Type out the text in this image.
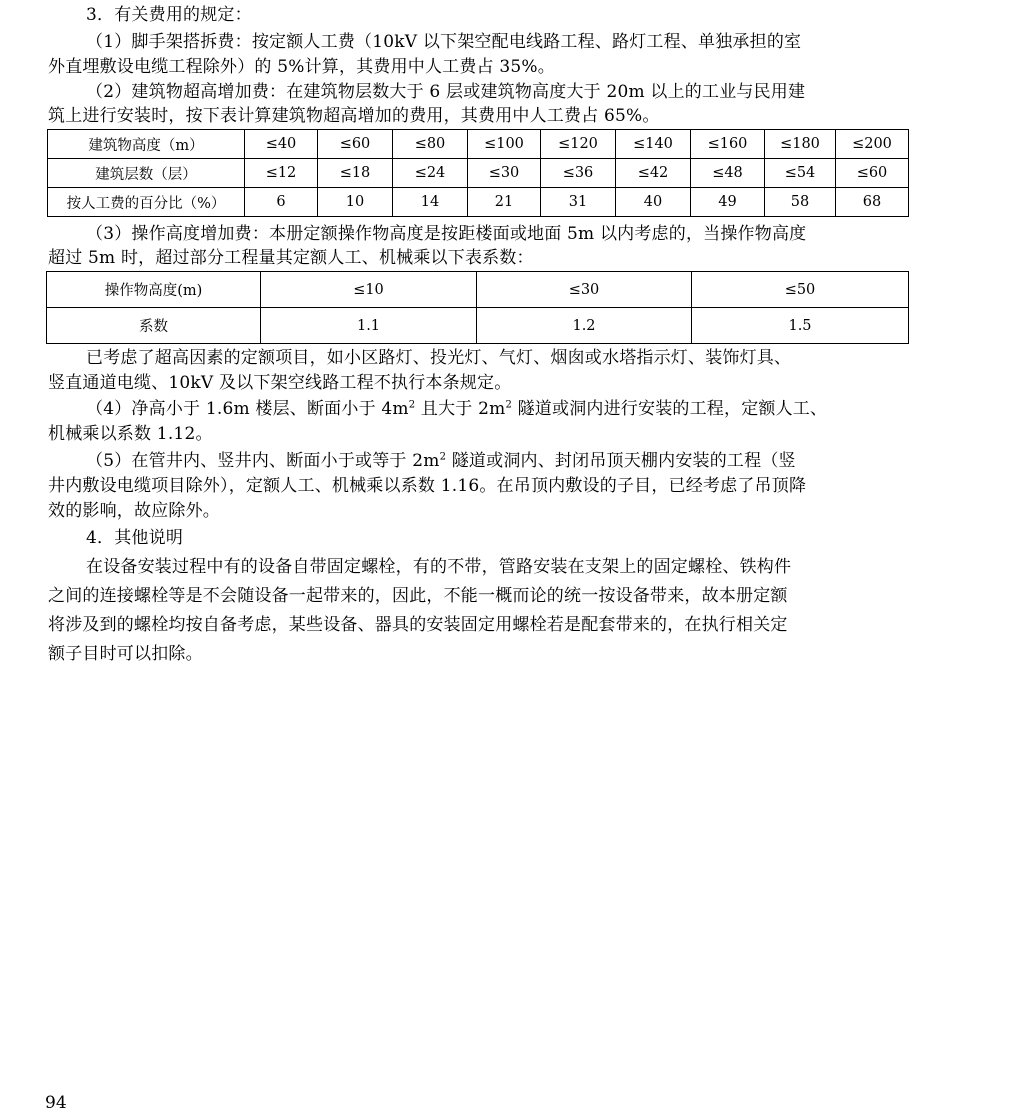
3．有关费用的规定：
（1）脚手架搭拆费：按定额人工费（10kV 以下架空配电线路工程、路灯工程、单独承担的室
外直埋敷设电缆工程除外）的 5%计算，其费用中人工费占 35%。
（2）建筑物超高增加费：在建筑物层数大于 6 层或建筑物高度大于 20m 以上的工业与民用建
筑上进行安装时，按下表计算建筑物超高增加的费用，其费用中人工费占 65%。
建筑物高度（m）	≤40	≤60	≤80	≤100	≤120	≤140	≤160	≤180	≤200
建筑层数（层）	≤12	≤18	≤24	≤30	≤36	≤42	≤48	≤54	≤60
按人工费的百分比（%）	6	10	14	21	31	40	49	58	68
（3）操作高度增加费：本册定额操作物高度是按距楼面或地面 5m 以内考虑的，当操作物高度
超过 5m 时，超过部分工程量其定额人工、机械乘以下表系数：
操作物高度(m)	≤10	≤30	≤50
系数	1.1	1.2	1.5
已考虑了超高因素的定额项目，如小区路灯、投光灯、气灯、烟囱或水塔指示灯、装饰灯具、
竖直通道电缆、10kV 及以下架空线路工程不执行本条规定。
（4）净高小于 1.6m 楼层、断面小于 $4m^2$ 且大于 $2m^2$ 隧道或洞内进行安装的工程，定额人工、
机械乘以系数 1.12。
（5）在管井内、竖井内、断面小于或等于 $2m^2$ 隧道或洞内、封闭吊顶天棚内安装的工程（竖
井内敷设电缆项目除外），定额人工、机械乘以系数 1.16。在吊顶内敷设的子目，已经考虑了吊顶降
效的影响，故应除外。
4．其他说明
在设备安装过程中有的设备自带固定螺栓，有的不带，管路安装在支架上的固定螺栓、铁构件
之间的连接螺栓等是不会随设备一起带来的，因此，不能一概而论的统一按设备带来，故本册定额
将涉及到的螺栓均按自备考虑，某些设备、器具的安装固定用螺栓若是配套带来的，在执行相关定
额子目时可以扣除。
94
